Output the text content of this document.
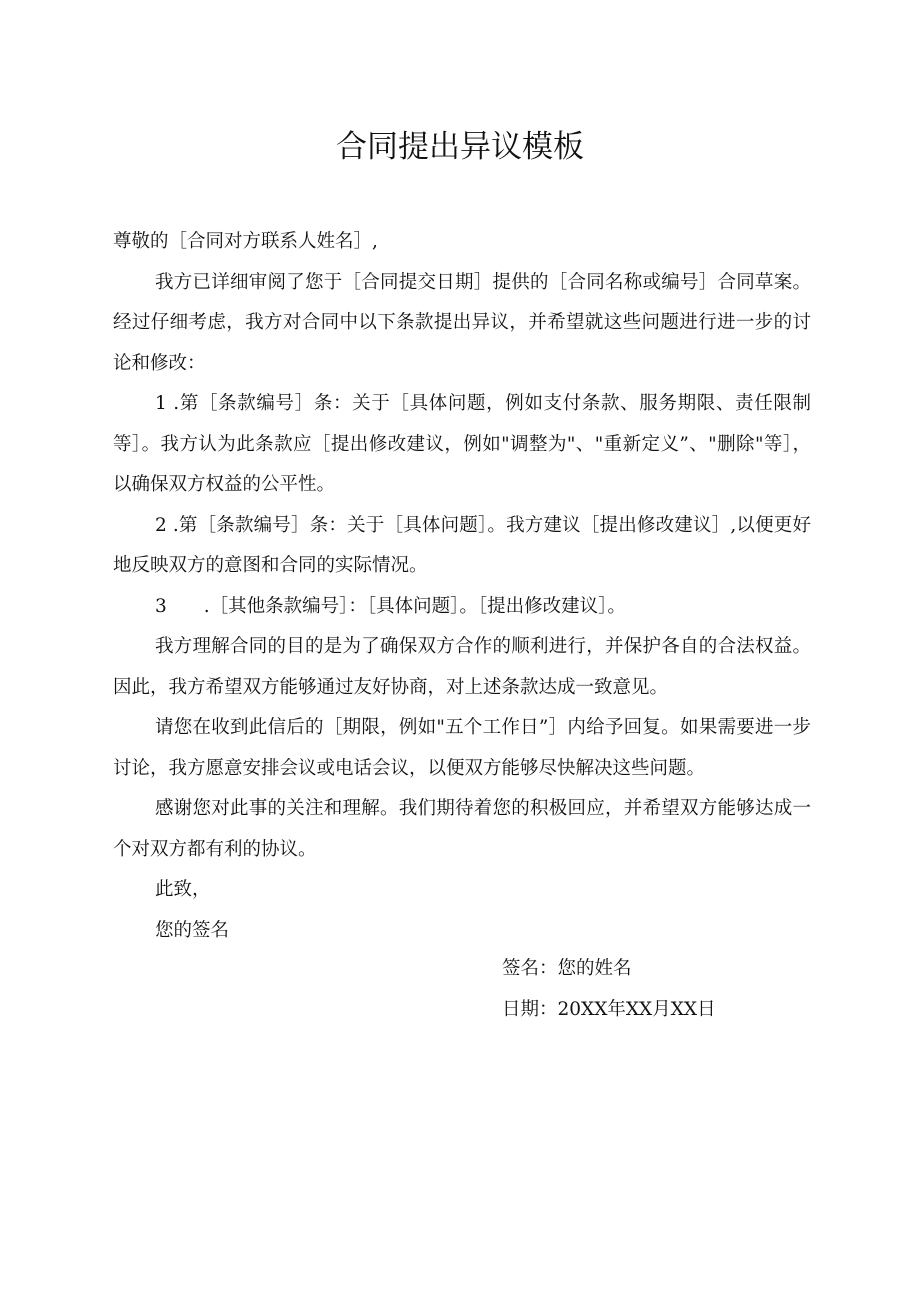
合同提出异议模板

尊敬的［合同对方联系人姓名］,

我方已详细审阅了您于［合同提交日期］提供的［合同名称或编号］合同草案。经过仔细考虑，我方对合同中以下条款提出异议，并希望就这些问题进行进一步的讨论和修改：

1 .第［条款编号］条：关于［具体问题，例如支付条款、服务期限、责任限制等］。我方认为此条款应［提出修改建议，例如"调整为"、"重新定义”、"删除"等］，以确保双方权益的公平性。

2 .第［条款编号］条：关于［具体问题］。我方建议［提出修改建议］,以便更好地反映双方的意图和合同的实际情况。

3　　.［其他条款编号］：［具体问题］。［提出修改建议］。

我方理解合同的目的是为了确保双方合作的顺利进行，并保护各自的合法权益。因此，我方希望双方能够通过友好协商，对上述条款达成一致意见。

请您在收到此信后的［期限，例如"五个工作日”］内给予回复。如果需要进一步讨论，我方愿意安排会议或电话会议，以便双方能够尽快解决这些问题。

感谢您对此事的关注和理解。我们期待着您的积极回应，并希望双方能够达成一个对双方都有利的协议。

此致，

您的签名

签名：您的姓名
日期：20XX年XX月XX日
